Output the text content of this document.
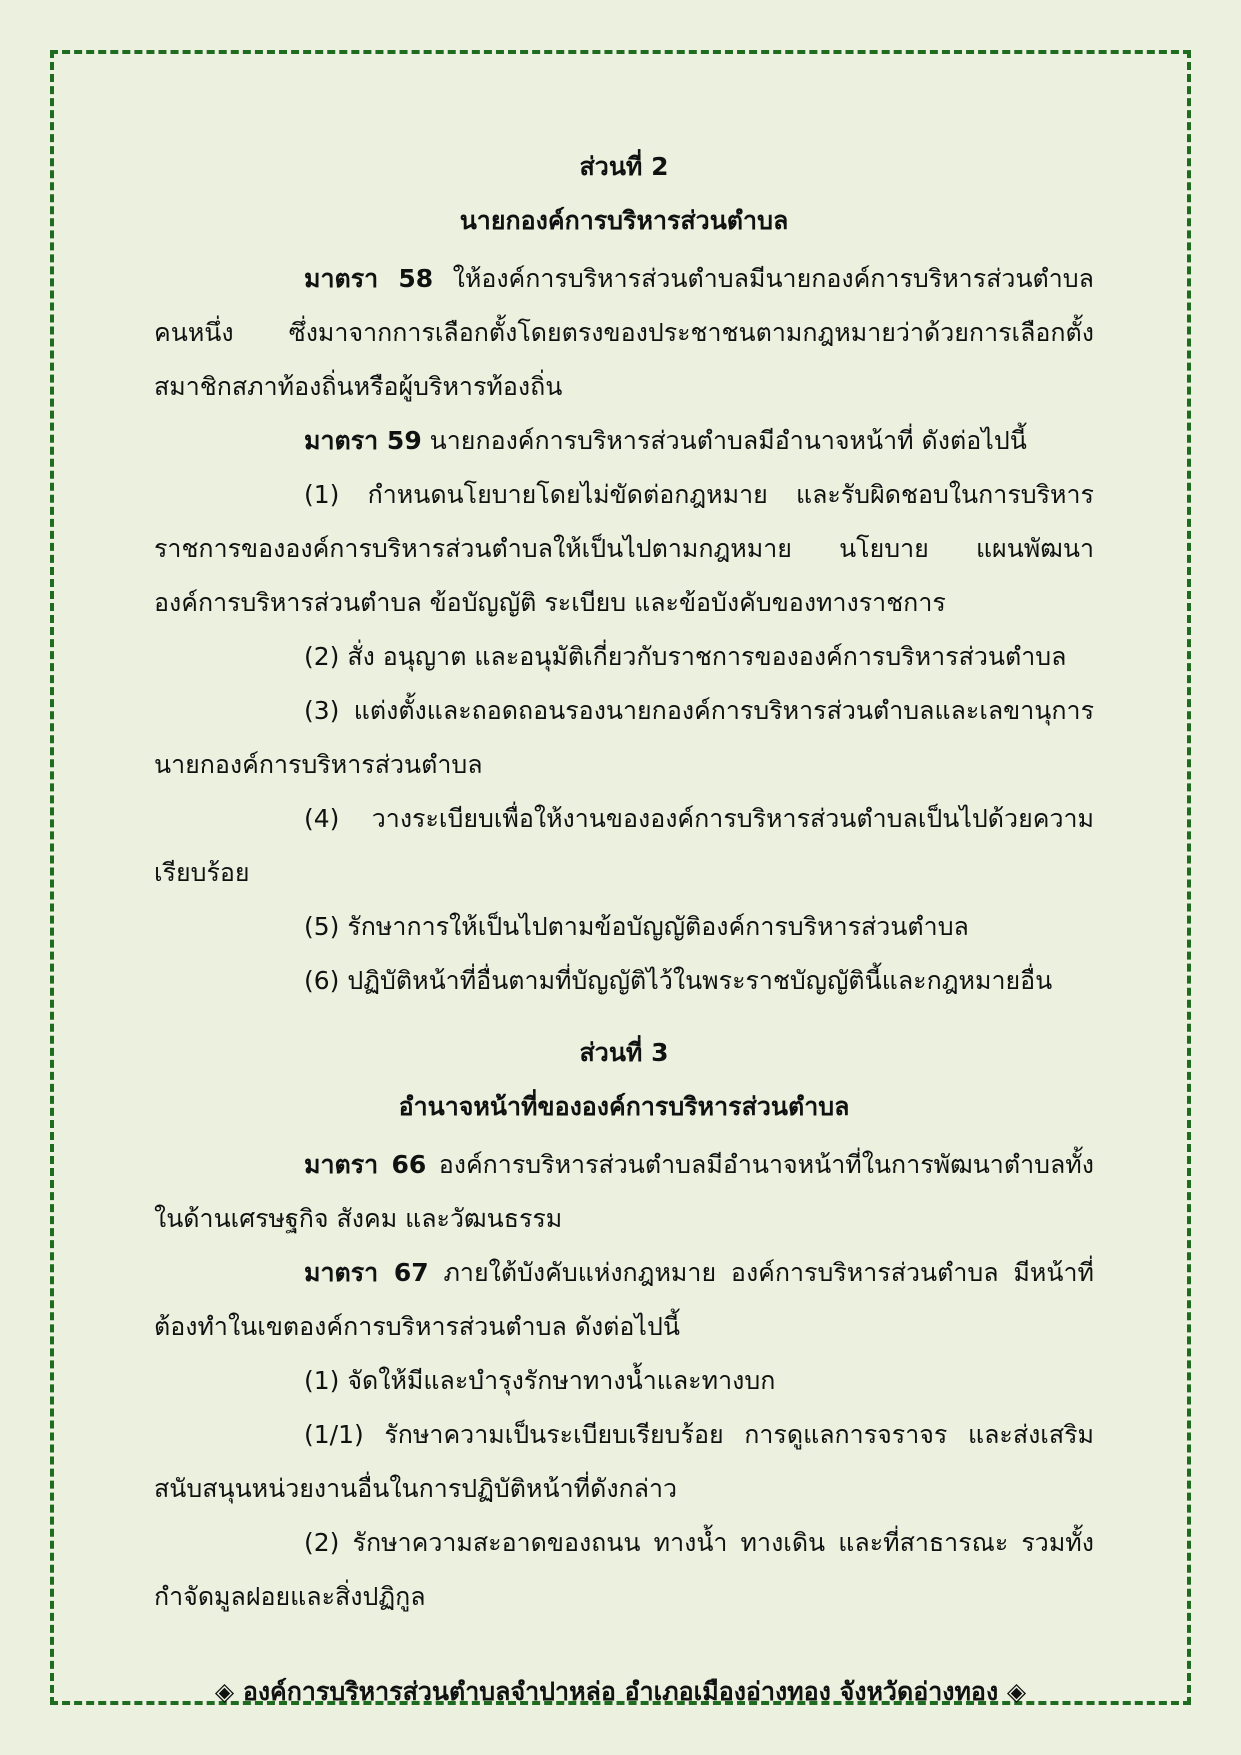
ส่วนที่ 2

นายกองค์การบริหารส่วนตำบล

มาตรา 58 ให้องค์การบริหารส่วนตำบลมีนายกองค์การบริหารส่วนตำบลคนหนึ่ง ซึ่งมาจากการเลือกตั้งโดยตรงของประชาชนตามกฎหมายว่าด้วยการเลือกตั้งสมาชิกสภาท้องถิ่นหรือผู้บริหารท้องถิ่น

มาตรา 59 นายกองค์การบริหารส่วนตำบลมีอำนาจหน้าที่ ดังต่อไปนี้

(1) กำหนดนโยบายโดยไม่ขัดต่อกฎหมาย และรับผิดชอบในการบริหารราชการขององค์การบริหารส่วนตำบลให้เป็นไปตามกฎหมาย นโยบาย แผนพัฒนาองค์การบริหารส่วนตำบล ข้อบัญญัติ ระเบียบ และข้อบังคับของทางราชการ

(2) สั่ง อนุญาต และอนุมัติเกี่ยวกับราชการขององค์การบริหารส่วนตำบล

(3) แต่งตั้งและถอดถอนรองนายกองค์การบริหารส่วนตำบลและเลขานุการนายกองค์การบริหารส่วนตำบล

(4) วางระเบียบเพื่อให้งานขององค์การบริหารส่วนตำบลเป็นไปด้วยความเรียบร้อย

(5) รักษาการให้เป็นไปตามข้อบัญญัติองค์การบริหารส่วนตำบล

(6) ปฏิบัติหน้าที่อื่นตามที่บัญญัติไว้ในพระราชบัญญัตินี้และกฎหมายอื่น

ส่วนที่ 3

อำนาจหน้าที่ขององค์การบริหารส่วนตำบล

มาตรา 66 องค์การบริหารส่วนตำบลมีอำนาจหน้าที่ในการพัฒนาตำบลทั้งในด้านเศรษฐกิจ สังคม และวัฒนธรรม

มาตรา 67 ภายใต้บังคับแห่งกฎหมาย องค์การบริหารส่วนตำบล มีหน้าที่ต้องทำในเขตองค์การบริหารส่วนตำบล ดังต่อไปนี้

(1) จัดให้มีและบำรุงรักษาทางน้ำและทางบก

(1/1) รักษาความเป็นระเบียบเรียบร้อย การดูแลการจราจร และส่งเสริมสนับสนุนหน่วยงานอื่นในการปฏิบัติหน้าที่ดังกล่าว

(2) รักษาความสะอาดของถนน ทางน้ำ ทางเดิน และที่สาธารณะ รวมทั้งกำจัดมูลฝอยและสิ่งปฏิกูล

◈ องค์การบริหารส่วนตำบลจำปาหล่อ อำเภอเมืองอ่างทอง จังหวัดอ่างทอง ◈
